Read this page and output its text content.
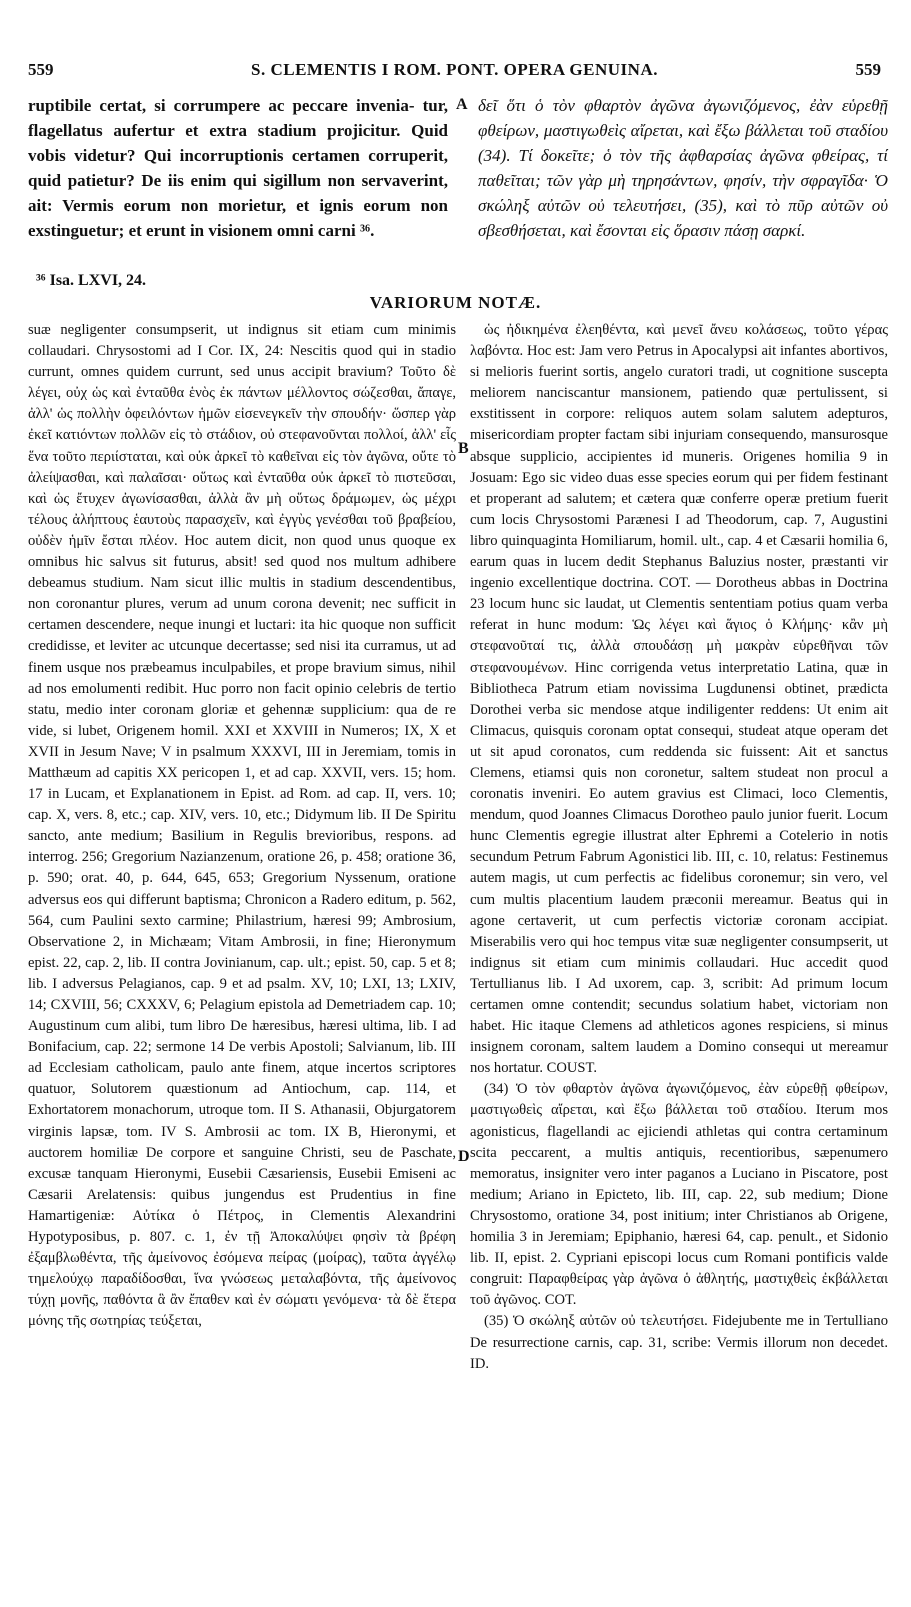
559	S. CLEMENTIS I ROM. PONT. OPERA GENUINA.	559

ruptibile certat, si corrumpere ac peccare invenia- tur, flagellatus aufertur et extra stadium projicitur. Quid vobis videtur? Qui incorruptionis certamen corruperit, quid patietur? De iis enim qui sigillum non servaverint, ait: Vermis eorum non morietur, et ignis eorum non exstinguetur; et erunt in visionem omni carni ³⁶.

A δεῖ ὅτι ὁ τὸν φθαρτὸν ἀγῶνα ἀγωνιζόμενος, ἐὰν εὑρεθῇ φθείρων, μαστιγωθεὶς αἴρεται, καὶ ἔξω βάλλεται τοῦ σταδίου (34). Τί δοκεῖτε; ὁ τὸν τῆς ἀφθαρσίας ἀγῶνα φθείρας, τί παθεῖται; τῶν γὰρ μὴ τηρησάντων, φησίν, τὴν σφραγῖδα· Ὁ σκώληξ αὐτῶν οὐ τελευτήσει, (35), καὶ τὸ πῦρ αὐτῶν οὐ σβεσθήσεται, καὶ ἔσονται εἰς ὅρασιν πάσῃ σαρκί.

³⁶ Isa. LXVI, 24.
VARIORUM NOTÆ.

suæ negligenter consumpserit, ut indignus sit etiam cum minimis collaudari. Chrysostomi ad I Cor. IX, 24: Nescitis quod qui in stadio currunt, omnes quidem currunt, sed unus accipit bravium? Τοῦτο δὲ λέγει, οὐχ ὡς καὶ ἐνταῦθα ἑνὸς ἐκ πάντων μέλλοντος σώζεσθαι, ἄπαγε, ἀλλ' ὡς πολλὴν ὀφειλόντων ἡμῶν εἰσενεγκεῖν τὴν σπουδήν· ὥσπερ γὰρ ἐκεῖ κατιόντων πολλῶν εἰς τὸ στάδιον, οὐ στεφανοῦνται πολλοί, ἀλλ' εἷς ἕνα τοῦτο περιίσταται, καὶ οὐκ ἀρκεῖ τὸ καθεῖναι εἰς τὸν ἀγῶνα, οὔτε τὸ ἀλείψασθαι, καὶ παλαῖσαι· οὕτως καὶ ἐνταῦθα οὐκ ἀρκεῖ τὸ πιστεῦσαι, καὶ ὡς ἔτυχεν ἀγωνίσασθαι, ἀλλὰ ἂν μὴ οὕτως δράμωμεν, ὡς μέχρι τέλους ἀλήπτους ἑαυτοὺς παρασχεῖν, καὶ ἐγγὺς γενέσθαι τοῦ βραβείου, οὐδὲν ἡμῖν ἔσται πλέον. Hoc autem dicit, non quod unus quoque ex omnibus hic salvus sit futurus, absit! sed quod nos multum adhibere debeamus studium. Nam sicut illic multis in stadium descendentibus, non coronantur plures, verum ad unum corona devenit; nec sufficit in certamen descendere, neque inungi et luctari: ita hic quoque non sufficit credidisse, et leviter ac utcunque decertasse; sed nisi ita curramus, ut ad finem usque nos præbeamus inculpabiles, et prope bravium simus, nihil ad nos emolumenti redibit. Huc porro non facit opinio celebris de tertio statu, medio inter coronam gloriæ et gehennæ supplicium: qua de re vide, si lubet, Origenem homil. XXI et XXVIII in Numeros; IX, X et XVII in Jesum Nave; V in psalmum XXXVI, III in Jeremiam, tomis in Matthæum ad capitis XX pericopen 1, et ad cap. XXVII, vers. 15; hom. 17 in Lucam, et Explanationem in Epist. ad Rom. ad cap. II, vers. 10; cap. X, vers. 8, etc.; cap. XIV, vers. 10, etc.; Didymum lib. II De Spiritu sancto, ante medium; Basilium in Regulis brevioribus, respons. ad interrog. 256; Gregorium Nazianzenum, oratione 26, p. 458; oratione 36, p. 590; orat. 40, p. 644, 645, 653; Gregorium Nyssenum, oratione adversus eos qui differunt baptisma; Chronicon a Radero editum, p. 562, 564, cum Paulini sexto carmine; Philastrium, hæresi 99; Ambrosium, Observatione 2, in Michæam; Vitam Ambrosii, in fine; Hieronymum epist. 22, cap. 2, lib. II contra Jovinianum, cap. ult.; epist. 50, cap. 5 et 8; lib. I adversus Pelagianos, cap. 9 et ad psalm. XV, 10; LXI, 13; LXIV, 14; CXVIII, 56; CXXXV, 6; Pelagium epistola ad Demetriadem cap. 10; Augustinum cum alibi, tum libro De hæresibus, hæresi ultima, lib. I ad Bonifacium, cap. 22; sermone 14 De verbis Apostoli; Salvianum, lib. III ad Ecclesiam catholicam, paulo ante finem, atque incertos scriptores quatuor, Solutorem quæstionum ad Antiochum, cap. 114, et Exhortatorem monachorum, utroque tom. II S. Athanasii, Objurgatorem virginis lapsæ, tom. IV S. Ambrosii ac tom. IX B, Hieronymi, et auctorem homiliæ De corpore et sanguine Christi, seu de Paschate, excusæ tanquam Hieronymi, Eusebii Cæsariensis, Eusebii Emiseni ac Cæsarii Arelatensis: quibus jungendus est Prudentius in fine Hamartigeniæ: Αὐτίκα ὁ Πέτρος, in Clementis Alexandrini Hypotyposibus, p. 807. c. 1, ἐν τῇ Ἀποκαλύψει φησὶν τὰ βρέφη ἐξαμβλωθέντα, τῆς ἀμείνονος ἐσόμενα πείρας (μοίρας), ταῦτα ἀγγέλῳ τημελούχῳ παραδίδοσθαι, ἵνα γνώσεως μεταλαβόντα, τῆς ἀμείνονος τύχῃ μονῆς, παθόντα ἃ ἂν ἔπαθεν καὶ ἐν σώματι γενόμενα· τὰ δὲ ἕτερα μόνης τῆς σωτηρίας τεύξεται,

B
D

ὡς ἠδικημένα ἐλεηθέντα, καὶ μενεῖ ἄνευ κολάσεως, τοῦτο γέρας λαβόντα. Hoc est: Jam vero Petrus in Apocalypsi ait infantes abortivos, si melioris fuerint sortis, angelo curatori tradi, ut cognitione suscepta meliorem nanciscantur mansionem, patiendo quæ pertulissent, si exstitissent in corpore: reliquos autem solam salutem adepturos, misericordiam propter factam sibi injuriam consequendo, mansurosque absque supplicio, accipientes id muneris. Origenes homilia 9 in Josuam: Ego sic video duas esse species eorum qui per fidem festinant et properant ad salutem; et cætera quæ conferre operæ pretium fuerit cum locis Chrysostomi Parænesi I ad Theodorum, cap. 7, Augustini libro quinquaginta Homiliarum, homil. ult., cap. 4 et Cæsarii homilia 6, earum quas in lucem dedit Stephanus Baluzius noster, præstanti vir ingenio excellentique doctrina. COT. — Dorotheus abbas in Doctrina 23 locum hunc sic laudat, ut Clementis sententiam potius quam verba referat in hunc modum: Ὡς λέγει καὶ ἅγιος ὁ Κλήμης· κἂν μὴ στεφανοῦταί τις, ἀλλὰ σπουδάσῃ μὴ μακρὰν εὑρεθῆναι τῶν στεφανουμένων. Hinc corrigenda vetus interpretatio Latina, quæ in Bibliotheca Patrum etiam novissima Lugdunensi obtinet, prædicta Dorothei verba sic mendose atque indiligenter reddens: Ut enim ait Climacus, quisquis coronam optat consequi, studeat atque operam det ut sit apud coronatos, cum reddenda sic fuissent: Ait et sanctus Clemens, etiamsi quis non coronetur, saltem studeat non procul a coronatis inveniri. Eo autem gravius est Climaci, loco Clementis, mendum, quod Joannes Climacus Dorotheo paulo junior fuerit. Locum hunc Clementis egregie illustrat alter Ephremi a Cotelerio in notis secundum Petrum Fabrum Agonistici lib. III, c. 10, relatus: Festinemus autem magis, ut cum perfectis ac fidelibus coronemur; sin vero, vel cum multis placentium laudem præconii mereamur. Beatus qui in agone certaverit, ut cum perfectis victoriæ coronam accipiat. Miserabilis vero qui hoc tempus vitæ suæ negligenter consumpserit, ut indignus sit etiam cum minimis collaudari. Huc accedit quod Tertullianus lib. I Ad uxorem, cap. 3, scribit: Ad primum locum certamen omne contendit; secundus solatium habet, victoriam non habet. Hic itaque Clemens ad athleticos agones respiciens, si minus insignem coronam, saltem laudem a Domino consequi ut mereamur nos hortatur. COUST.

(34) Ὁ τὸν φθαρτὸν ἀγῶνα ἀγωνιζόμενος, ἐὰν εὑρεθῇ φθείρων, μαστιγωθεὶς αἴρεται, καὶ ἔξω βάλλεται τοῦ σταδίου. Iterum mos agonisticus, flagellandi ac ejiciendi athletas qui contra certaminum scita peccarent, a multis antiquis, recentioribus, sæpenumero memoratus, insigniter vero inter paganos a Luciano in Piscatore, post medium; Ariano in Epicteto, lib. III, cap. 22, sub medium; Dione Chrysostomo, oratione 34, post initium; inter Christianos ab Origene, homilia 3 in Jeremiam; Epiphanio, hæresi 64, cap. penult., et Sidonio lib. II, epist. 2. Cypriani episcopi locus cum Romani pontificis valde congruit: Παραφθείρας γὰρ ἀγῶνα ὁ ἀθλητής, μαστιχθεὶς ἐκβάλλεται τοῦ ἀγῶνος. COT.

(35) Ὁ σκώληξ αὐτῶν οὐ τελευτήσει. Fidejubente me in Tertulliano De resurrectione carnis, cap. 31, scribe: Vermis illorum non decedet. ID.
